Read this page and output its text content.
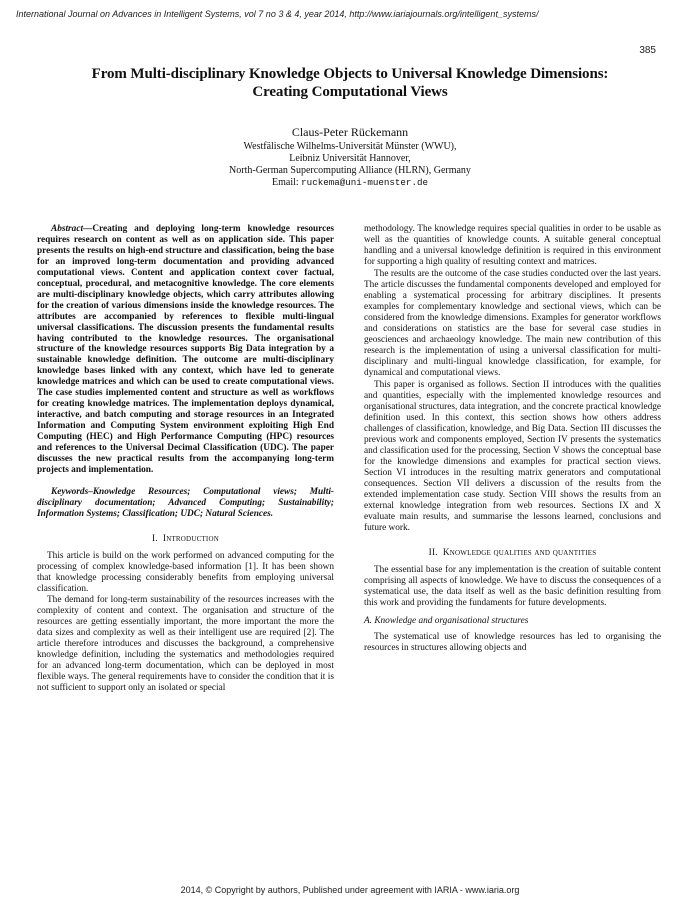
International Journal on Advances in Intelligent Systems, vol 7 no 3 & 4, year 2014, http://www.iariajournals.org/intelligent_systems/
385
From Multi-disciplinary Knowledge Objects to Universal Knowledge Dimensions:
Creating Computational Views
Claus-Peter Rückemann
Westfälische Wilhelms-Universität Münster (WWU),
Leibniz Universität Hannover,
North-German Supercomputing Alliance (HLRN), Germany
Email: ruckema@uni-muenster.de

Abstract—Creating and deploying long-term knowledge resources requires research on content as well as on application side. This paper presents the results on high-end structure and classification, being the base for an improved long-term documentation and providing advanced computational views. Content and application context cover factual, conceptual, procedural, and metacognitive knowledge. The core elements are multi-disciplinary knowledge objects, which carry attributes allowing for the creation of various dimensions inside the knowledge resources. The attributes are accompanied by references to flexible multi-lingual universal classifications. The discussion presents the fundamental results having contributed to the knowledge resources. The organisational structure of the knowledge resources supports Big Data integration by a sustainable knowledge definition. The outcome are multi-disciplinary knowledge bases linked with any context, which have led to generate knowledge matrices and which can be used to create computational views. The case studies implemented content and structure as well as workflows for creating knowledge matrices. The implementation deploys dynamical, interactive, and batch computing and storage resources in an Integrated Information and Computing System environment exploiting High End Computing (HEC) and High Performance Computing (HPC) resources and references to the Universal Decimal Classification (UDC). The paper discusses the new practical results from the accompanying long-term projects and implementation.

Keywords–Knowledge Resources; Computational views; Multi-disciplinary documentation; Advanced Computing; Sustainability; Information Systems; Classification; UDC; Natural Sciences.

I. Introduction

This article is build on the work performed on advanced computing for the processing of complex knowledge-based information [1]. It has been shown that knowledge processing considerably benefits from employing universal classification.

The demand for long-term sustainability of the resources increases with the complexity of content and context. The organisation and structure of the resources are getting essentially important, the more important the more the data sizes and complexity as well as their intelligent use are required [2]. The article therefore introduces and discusses the background, a comprehensive knowledge definition, including the systematics and methodologies required for an advanced long-term documentation, which can be deployed in most flexible ways. The general requirements have to consider the condition that it is not sufficient to support only an isolated or special

methodology. The knowledge requires special qualities in order to be usable as well as the quantities of knowledge counts. A suitable general conceptual handling and a universal knowledge definition is required in this environment for supporting a high quality of resulting context and matrices.

The results are the outcome of the case studies conducted over the last years. The article discusses the fundamental components developed and employed for enabling a systematical processing for arbitrary disciplines. It presents examples for complementary knowledge and sectional views, which can be considered from the knowledge dimensions. Examples for generator workflows and considerations on statistics are the base for several case studies in geosciences and archaeology knowledge. The main new contribution of this research is the implementation of using a universal classification for multi-disciplinary and multi-lingual knowledge classification, for example, for dynamical and computational views.

This paper is organised as follows. Section II introduces with the qualities and quantities, especially with the implemented knowledge resources and organisational structures, data integration, and the concrete practical knowledge definition used. In this context, this section shows how others address challenges of classification, knowledge, and Big Data. Section III discusses the previous work and components employed, Section IV presents the systematics and classification used for the processing, Section V shows the conceptual base for the knowledge dimensions and examples for practical section views. Section VI introduces in the resulting matrix generators and computational consequences. Section VII delivers a discussion of the results from the extended implementation case study. Section VIII shows the results from an external knowledge integration from web resources. Sections IX and X evaluate main results, and summarise the lessons learned, conclusions and future work.

II. Knowledge qualities and quantities

The essential base for any implementation is the creation of suitable content comprising all aspects of knowledge. We have to discuss the consequences of a systematical use, the data itself as well as the basic definition resulting from this work and providing the fundaments for future developments.

A. Knowledge and organisational structures

The systematical use of knowledge resources has led to organising the resources in structures allowing objects and

2014, © Copyright by authors, Published under agreement with IARIA - www.iaria.org
